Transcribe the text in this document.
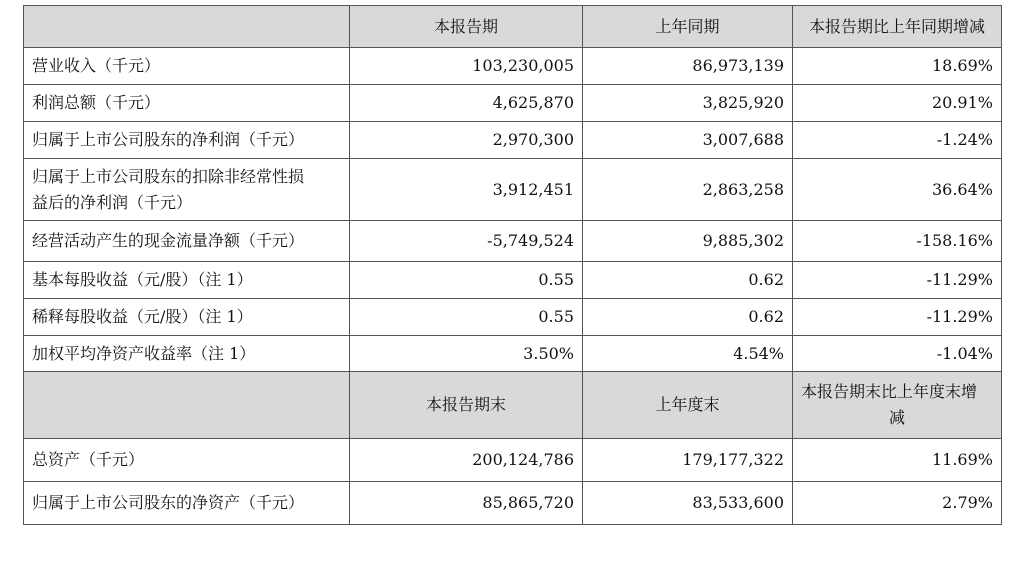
	本报告期	上年同期	本报告期比上年同期增减
营业收入（千元）	103,230,005	86,973,139	18.69%
利润总额（千元）	4,625,870	3,825,920	20.91%
归属于上市公司股东的净利润（千元）	2,970,300	3,007,688	-1.24%

归属于上市公司股东的扣除非经常性损
益后的净利润（千元）	3,912,451	2,863,258	36.64%
经营活动产生的现金流量净额（千元）	-5,749,524	9,885,302	-158.16%
基本每股收益（元/股）（注 1）	0.55	0.62	-11.29%
稀释每股收益（元/股）（注 1）	0.55	0.62	-11.29%
加权平均净资产收益率（注 1）	3.50%	4.54%	-1.04%
	本报告期末	上年度末	本报告期末比上年度末增
减

总资产（千元）	200,124,786	179,177,322	11.69%
归属于上市公司股东的净资产（千元）	85,865,720	83,533,600	2.79%
